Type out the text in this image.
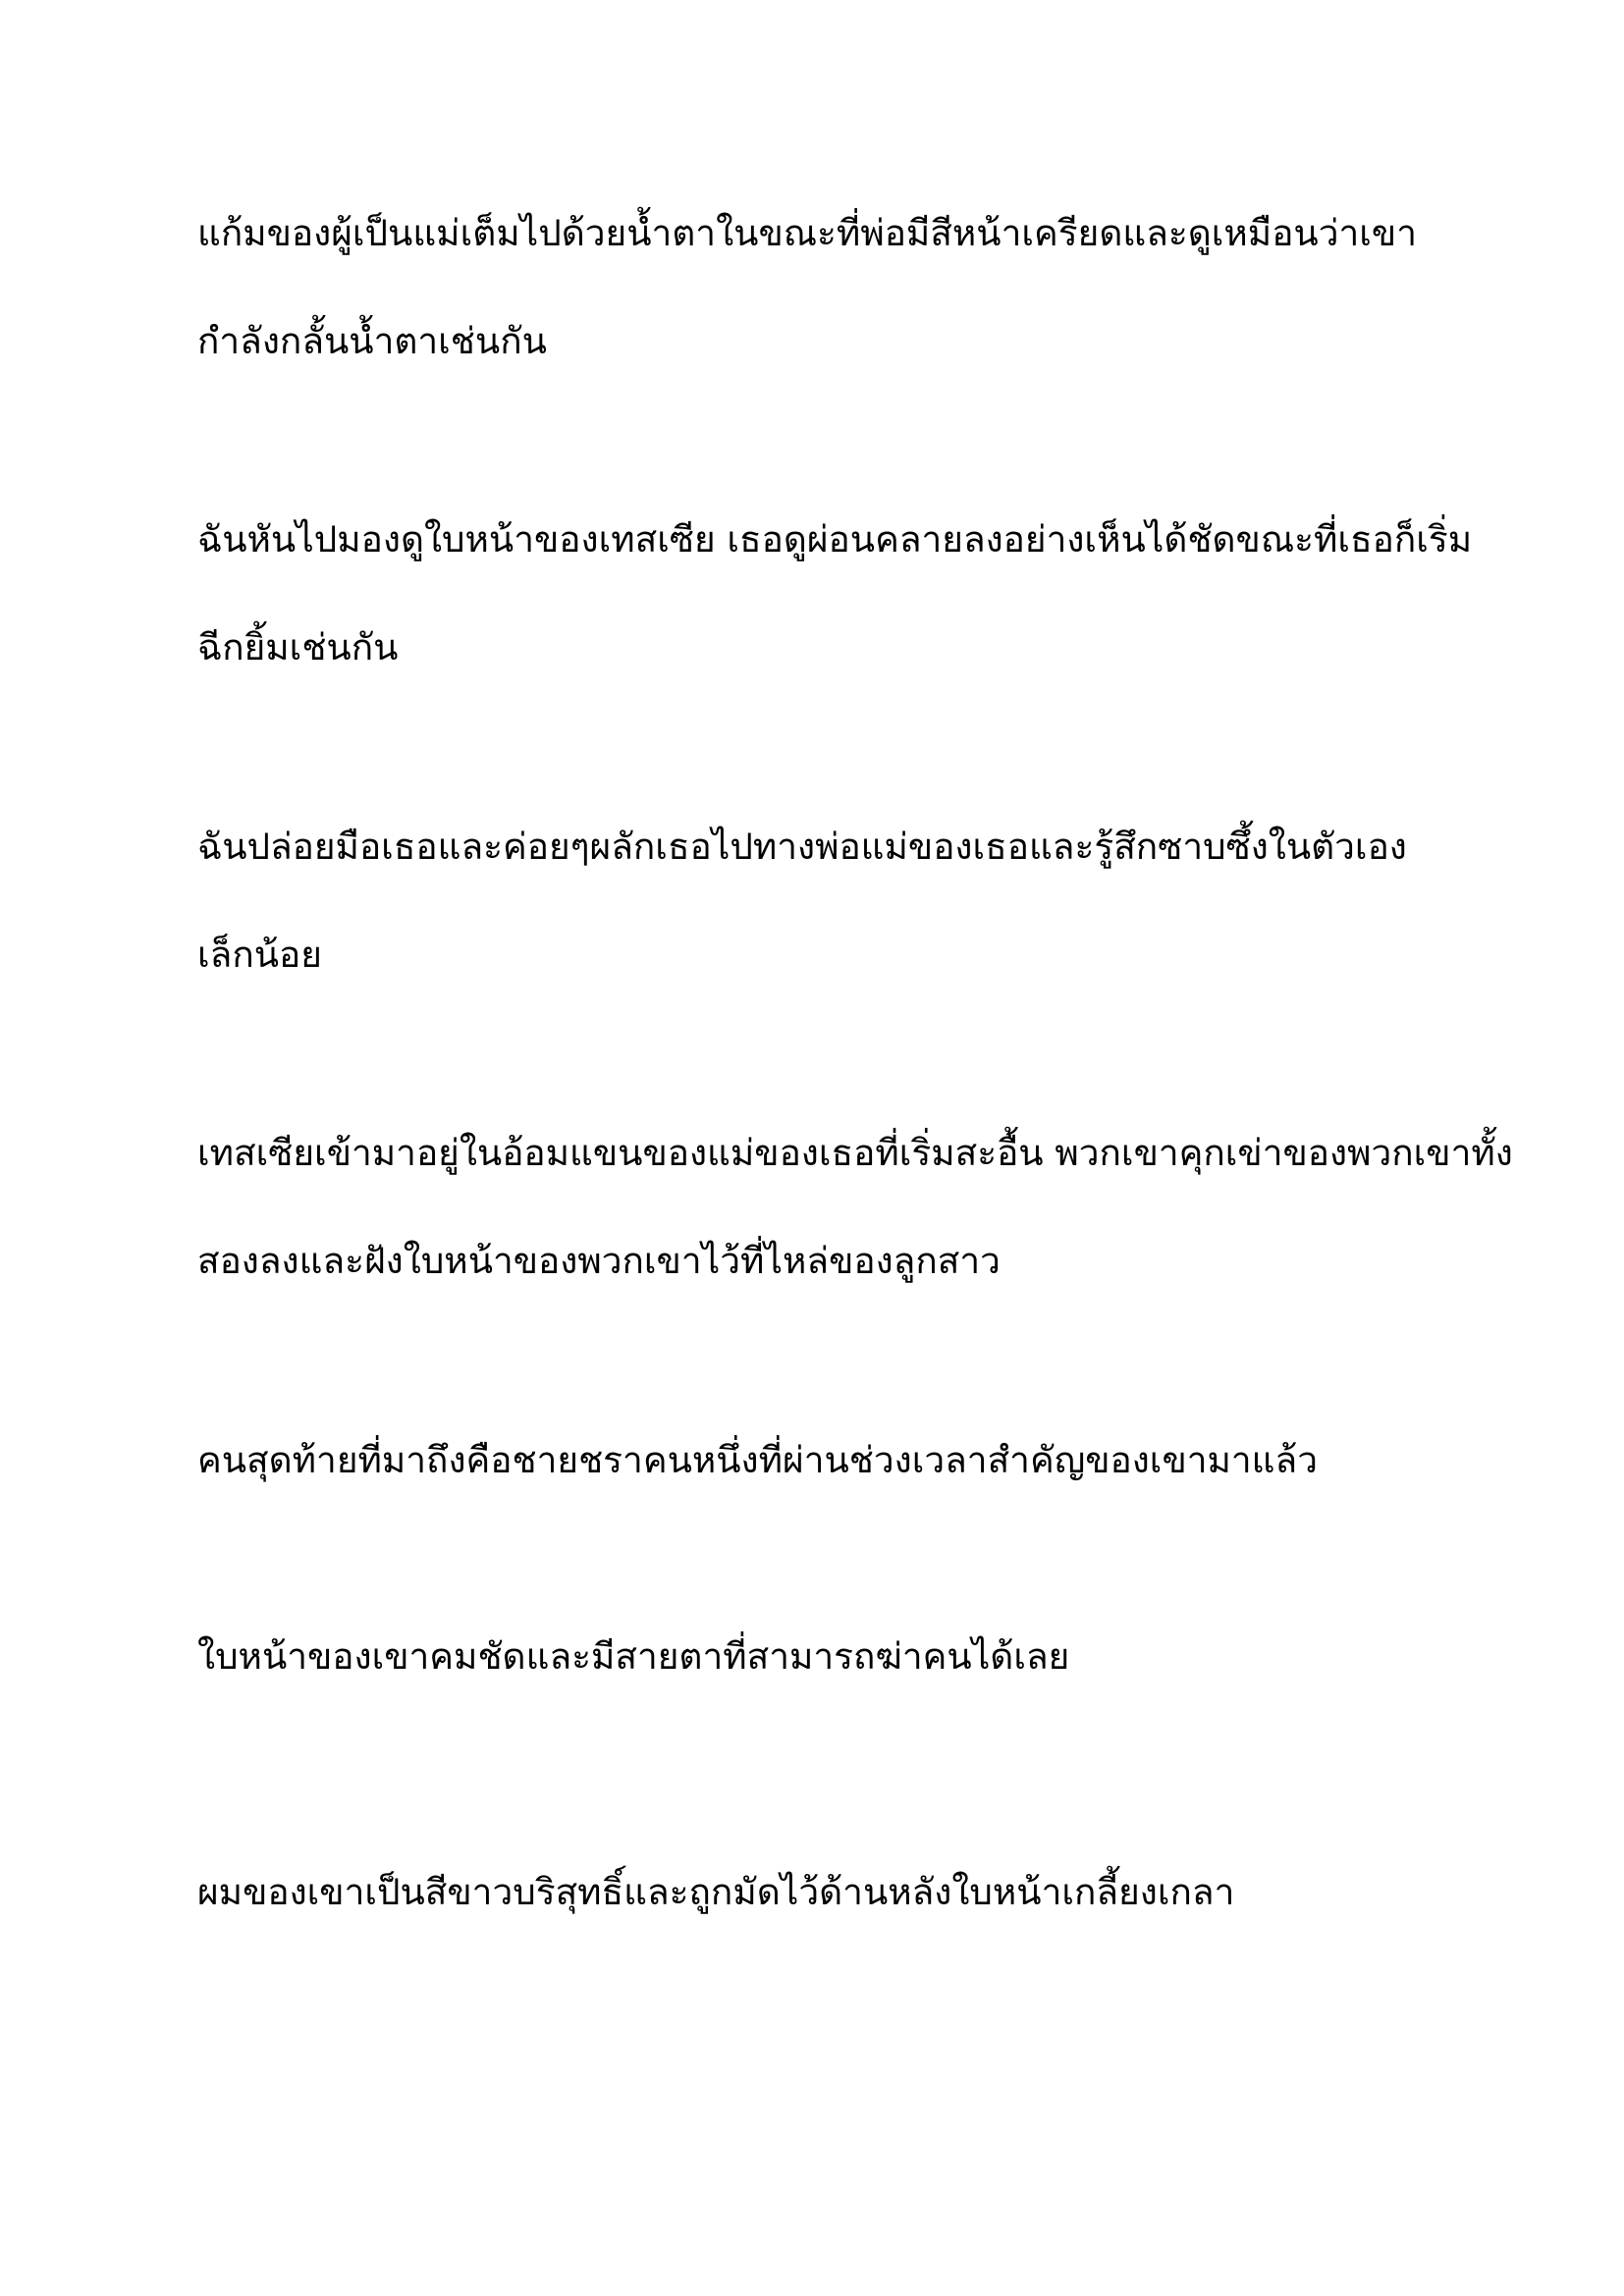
แก้มของผู้เป็นแม่เต็มไปด้วยน้ำตาในขณะที่พ่อมีสีหน้าเครียดและดูเหมือนว่าเขา
กำลังกลั้นน้ำตาเช่นกัน

ฉันหันไปมองดูใบหน้าของเทสเซีย เธอดูผ่อนคลายลงอย่างเห็นได้ชัดขณะที่เธอก็เริ่ม
ฉีกยิ้มเช่นกัน

ฉันปล่อยมือเธอและค่อยๆผลักเธอไปทางพ่อแม่ของเธอและรู้สึกซาบซึ้งในตัวเอง
เล็กน้อย

เทสเซียเข้ามาอยู่ในอ้อมแขนของแม่ของเธอที่เริ่มสะอื้น พวกเขาคุกเข่าของพวกเขาทั้ง
สองลงและฝังใบหน้าของพวกเขาไว้ที่ไหล่ของลูกสาว

คนสุดท้ายที่มาถึงคือชายชราคนหนึ่งที่ผ่านช่วงเวลาสำคัญของเขามาแล้ว

ใบหน้าของเขาคมชัดและมีสายตาที่สามารถฆ่าคนได้เลย

ผมของเขาเป็นสีขาวบริสุทธิ์และถูกมัดไว้ด้านหลังใบหน้าเกลี้ยงเกลา
